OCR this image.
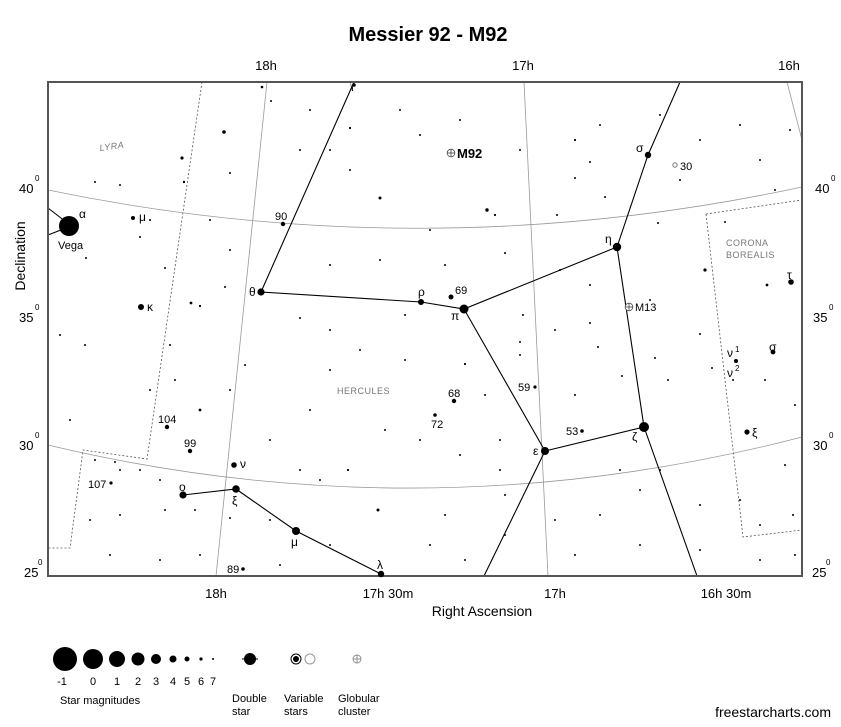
Messier 92 - M92
18h	17h	16h
M92
M13
Vega
LYRA
HERCULES
CORONA
BOREALIS
ι
90
θ	ρ	69
π
η
σ
30
α	μ
κ
68
72
59
53
ε
ζ
104
99
ν
107	o
ξ
μ
λ
89
τ
σ
ν 1
ν 2
ξ
40
0
35
0
30
0
25
0
40
0
35
0
30
0
25
0
Declination
18h	17h 30m	17h	16h 30m
Right Ascension
-1 0 1 2 3 4 5 6 7
Star magnitudes	Double
star
Variable
stars
Globular
cluster	freestarcharts.com
